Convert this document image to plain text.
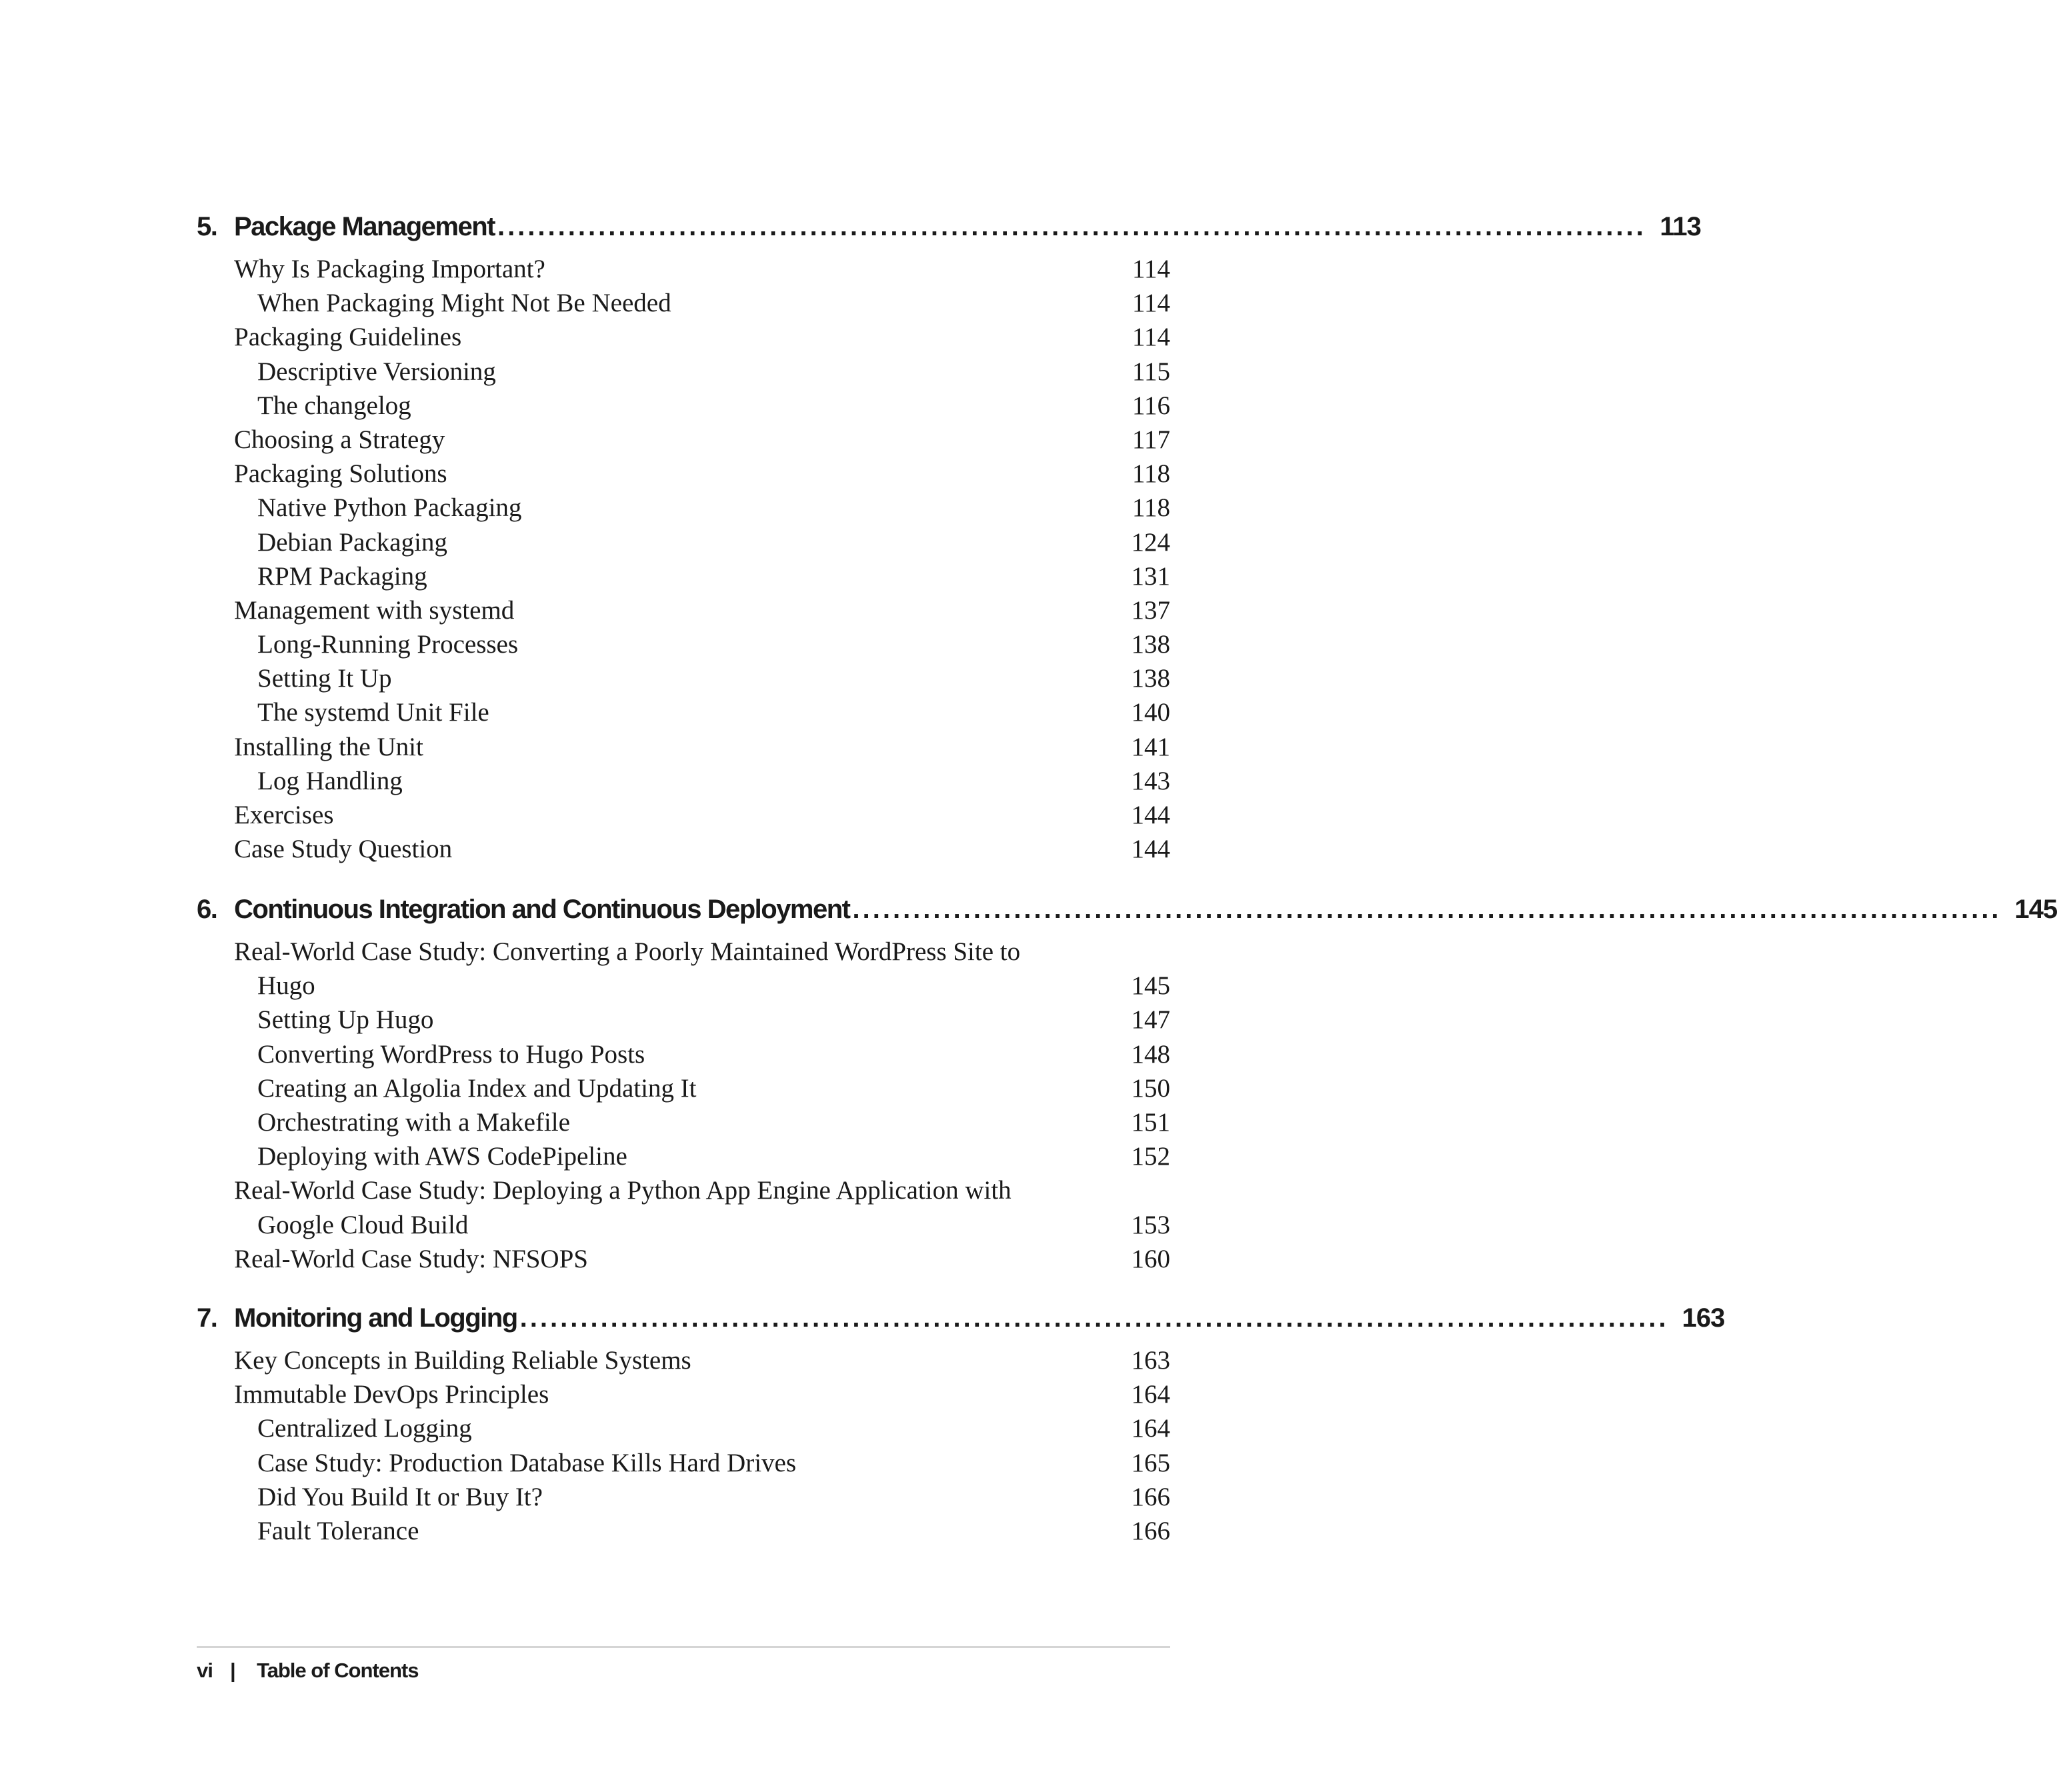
5. Package Management .................................................................................................................. 113
Why Is Packaging Important?	114
When Packaging Might Not Be Needed	114
Packaging Guidelines	114
Descriptive Versioning	115
The changelog	116
Choosing a Strategy	117
Packaging Solutions	118
Native Python Packaging	118
Debian Packaging	124
RPM Packaging	131
Management with systemd	137
Long-Running Processes	138
Setting It Up	138
The systemd Unit File	140
Installing the Unit	141
Log Handling	143
Exercises	144
Case Study Question	144
6. Continuous Integration and Continuous Deployment .................................................................................................................. 145
Real-World Case Study: Converting a Poorly Maintained WordPress Site to
Hugo	145
Setting Up Hugo	147
Converting WordPress to Hugo Posts	148
Creating an Algolia Index and Updating It	150
Orchestrating with a Makefile	151
Deploying with AWS CodePipeline	152
Real-World Case Study: Deploying a Python App Engine Application with
Google Cloud Build	153
Real-World Case Study: NFSOPS	160
7. Monitoring and Logging .................................................................................................................. 163
Key Concepts in Building Reliable Systems	163
Immutable DevOps Principles	164
Centralized Logging	164
Case Study: Production Database Kills Hard Drives	165
Did You Build It or Buy It?	166
Fault Tolerance	166
vi |	Table of Contents
